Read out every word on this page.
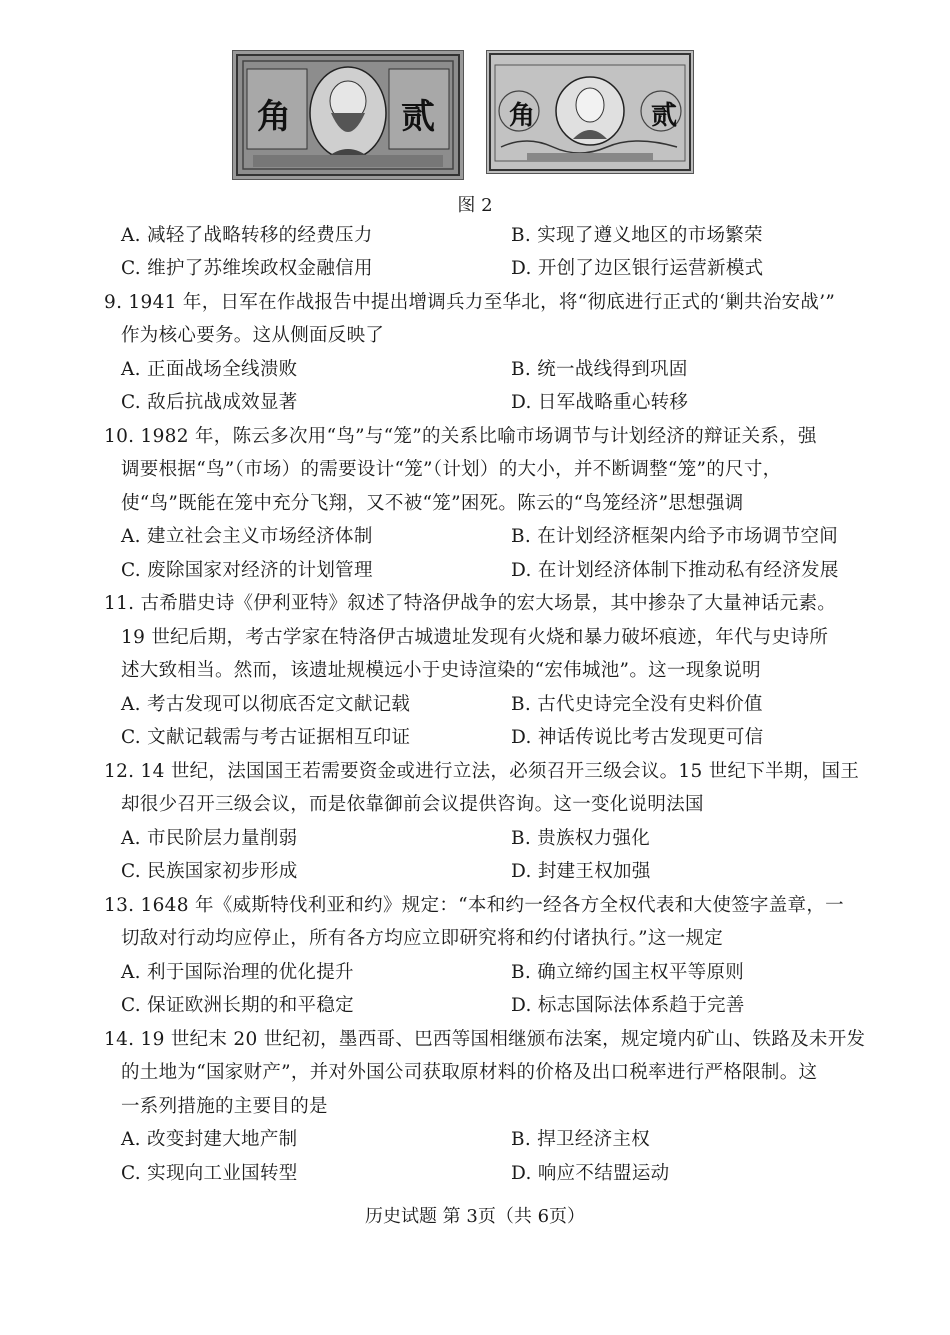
角	贰	角	贰
图 2
A. 减轻了战略转移的经费压力	B. 实现了遵义地区的市场繁荣
C. 维护了苏维埃政权金融信用	D. 开创了边区银行运营新模式
9. 1941 年，日军在作战报告中提出增调兵力至华北，将“彻底进行正式的‘剿共治安战’”
作为核心要务。这从侧面反映了
A. 正面战场全线溃败	B. 统一战线得到巩固
C. 敌后抗战成效显著	D. 日军战略重心转移
10. 1982 年，陈云多次用“鸟”与“笼”的关系比喻市场调节与计划经济的辩证关系，强
调要根据“鸟”（市场）的需要设计“笼”（计划）的大小，并不断调整“笼”的尺寸，
使“鸟”既能在笼中充分飞翔，又不被“笼”困死。陈云的“鸟笼经济”思想强调
A. 建立社会主义市场经济体制	B. 在计划经济框架内给予市场调节空间
C. 废除国家对经济的计划管理	D. 在计划经济体制下推动私有经济发展
11. 古希腊史诗《伊利亚特》叙述了特洛伊战争的宏大场景，其中掺杂了大量神话元素。
19 世纪后期，考古学家在特洛伊古城遗址发现有火烧和暴力破坏痕迹，年代与史诗所
述大致相当。然而，该遗址规模远小于史诗渲染的“宏伟城池”。这一现象说明
A. 考古发现可以彻底否定文献记载	B. 古代史诗完全没有史料价值
C. 文献记载需与考古证据相互印证	D. 神话传说比考古发现更可信
12. 14 世纪，法国国王若需要资金或进行立法，必须召开三级会议。15 世纪下半期，国王
却很少召开三级会议，而是依靠御前会议提供咨询。这一变化说明法国
A. 市民阶层力量削弱	B. 贵族权力强化
C. 民族国家初步形成	D. 封建王权加强
13. 1648 年《威斯特伐利亚和约》规定：“本和约一经各方全权代表和大使签字盖章，一
切敌对行动均应停止，所有各方均应立即研究将和约付诸执行。”这一规定
A. 利于国际治理的优化提升	B. 确立缔约国主权平等原则
C. 保证欧洲长期的和平稳定	D. 标志国际法体系趋于完善
14. 19 世纪末 20 世纪初，墨西哥、巴西等国相继颁布法案，规定境内矿山、铁路及未开发
的土地为“国家财产”，并对外国公司获取原材料的价格及出口税率进行严格限制。这
一系列措施的主要目的是
A. 改变封建大地产制	B. 捍卫经济主权
C. 实现向工业国转型	D. 响应不结盟运动
历史试题 第 3页（共 6页）
